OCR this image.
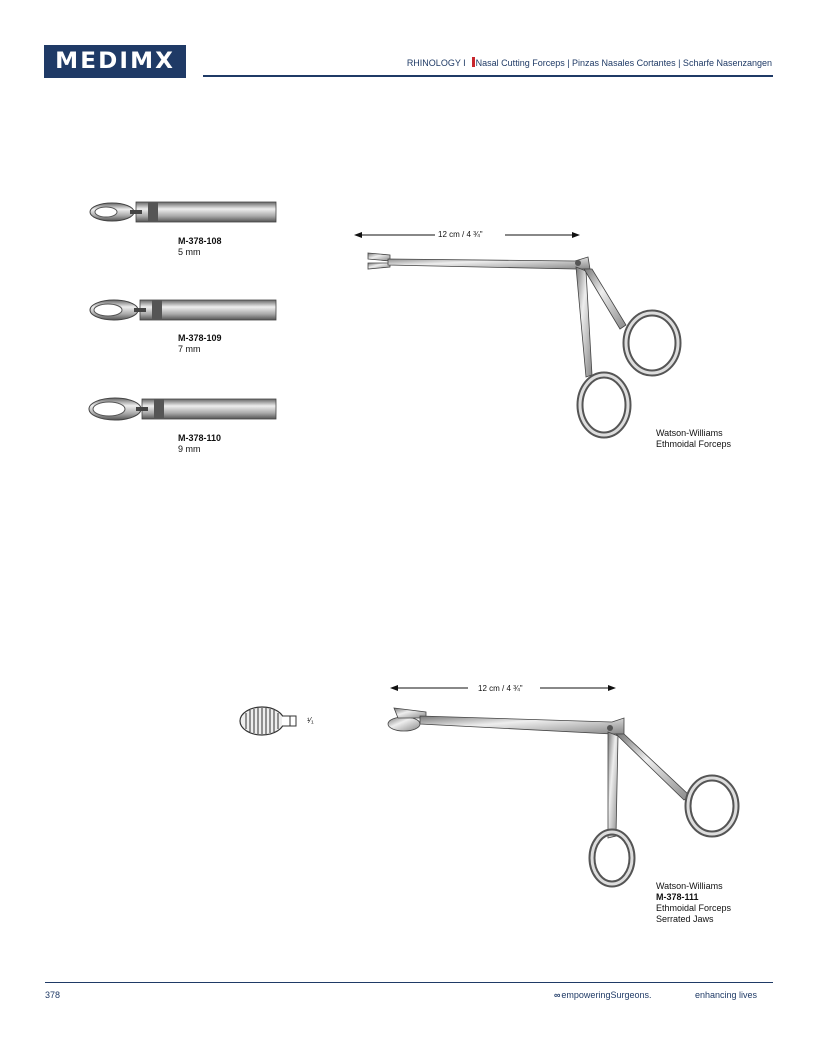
MEDIMX	RHINOLOGY I Nasal Cutting Forceps | Pinzas Nasales Cortantes | Scharfe Nasenzangen
M-378-108
5 mm
M-378-109
7 mm
M-378-110
9 mm
12 cm / 4 ¾"
Watson-Williams
Ethmoidal Forceps
¹⁄₁
12 cm / 4 ¾"
Watson-Williams
M-378-111
Ethmoidal Forceps
Serrated Jaws
378	∞empoweringSurgeons.	enhancing lives
